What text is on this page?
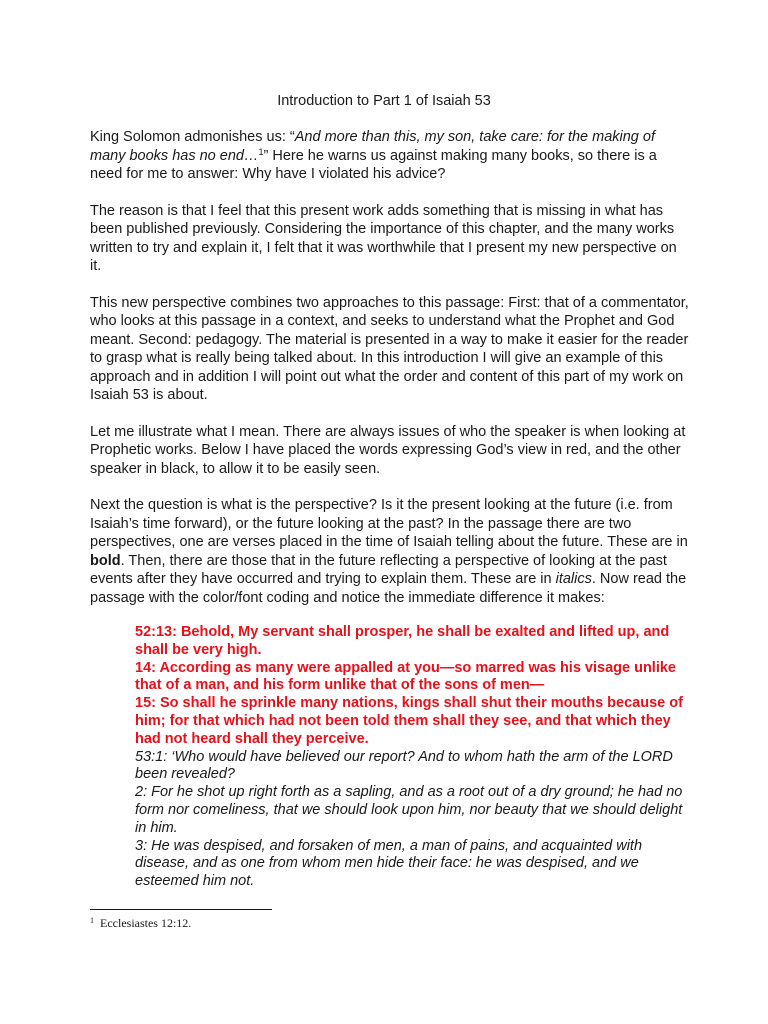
Introduction to Part 1 of Isaiah 53

King Solomon admonishes us: “And more than this, my son, take care: for the making of many books has no end…$^1$” Here he warns us against making many books, so there is a need for me to answer: Why have I violated his advice?

The reason is that I feel that this present work adds something that is missing in what has been published previously. Considering the importance of this chapter, and the many works written to try and explain it, I felt that it was worthwhile that I present my new perspective on it.

This new perspective combines two approaches to this passage: First: that of a commentator, who looks at this passage in a context, and seeks to understand what the Prophet and God meant. Second: pedagogy. The material is presented in a way to make it easier for the reader to grasp what is really being talked about. In this introduction I will give an example of this approach and in addition I will point out what the order and content of this part of my work on Isaiah 53 is about.

Let me illustrate what I mean. There are always issues of who the speaker is when looking at Prophetic works. Below I have placed the words expressing God’s view in red, and the other speaker in black, to allow it to be easily seen.

Next the question is what is the perspective? Is it the present looking at the future (i.e. from Isaiah’s time forward), or the future looking at the past? In the passage there are two perspectives, one are verses placed in the time of Isaiah telling about the future. These are in bold. Then, there are those that in the future reflecting a perspective of looking at the past events after they have occurred and trying to explain them. These are in italics. Now read the passage with the color/font coding and notice the immediate difference it makes:

52:13: Behold, My servant shall prosper, he shall be exalted and lifted up, and shall be very high.
14: According as many were appalled at you—so marred was his visage unlike that of a man, and his form unlike that of the sons of men—
15: So shall he sprinkle many nations, kings shall shut their mouths because of him; for that which had not been told them shall they see, and that which they had not heard shall they perceive.
53:1: ‘Who would have believed our report? And to whom hath the arm of the LORD been revealed?
2: For he shot up right forth as a sapling, and as a root out of a dry ground; he had no form nor comeliness, that we should look upon him, nor beauty that we should delight in him.
3: He was despised, and forsaken of men, a man of pains, and acquainted with disease, and as one from whom men hide their face: he was despised, and we esteemed him not.
$^1$ Ecclesiastes 12:12.
